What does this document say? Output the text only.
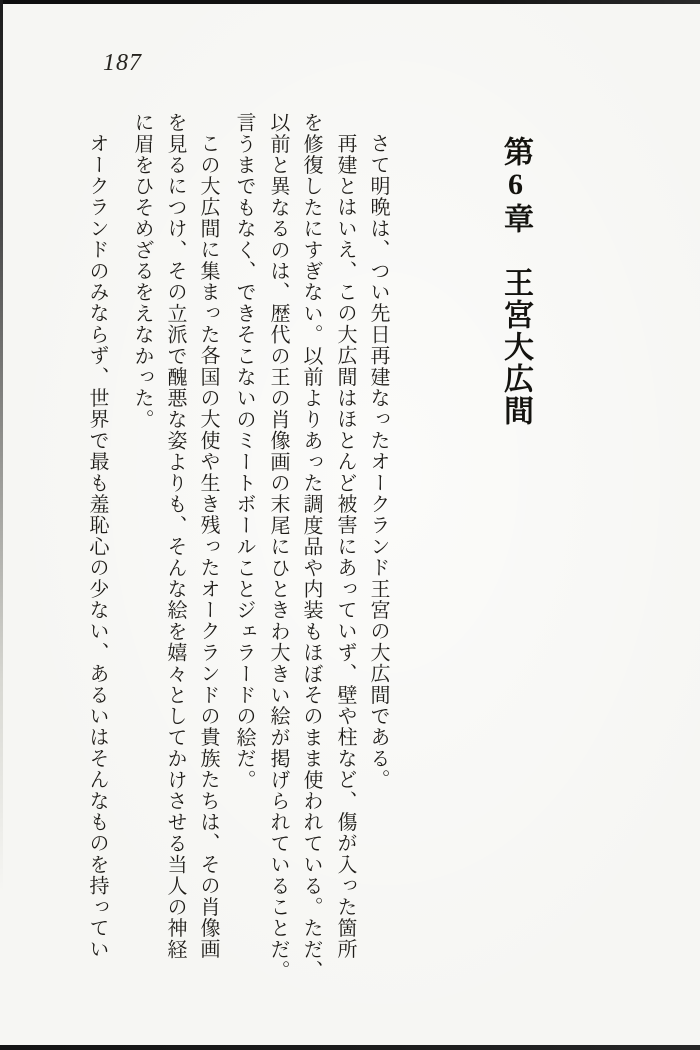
187
第6章　王宮大広間
さて明晩は、つい先日再建なったオークランド王宮の大広間である。
再建とはいえ、この大広間はほとんど被害にあっていず、壁や柱など、傷が入った箇所
を修復したにすぎない。以前よりあった調度品や内装もほぼそのまま使われている。ただ、
以前と異なるのは、歴代の王の肖像画の末尾にひときわ大きい絵が掲げられていることだ。
言うまでもなく、できそこないのミートボールことジェラードの絵だ。
この大広間に集まった各国の大使や生き残ったオークランドの貴族たちは、その肖像画
を見るにつけ、その立派で醜悪な姿よりも、そんな絵を嬉々としてかけさせる当人の神経
に眉をひそめざるをえなかった。
オークランドのみならず、世界で最も羞恥心の少ない、あるいはそんなものを持ってい
